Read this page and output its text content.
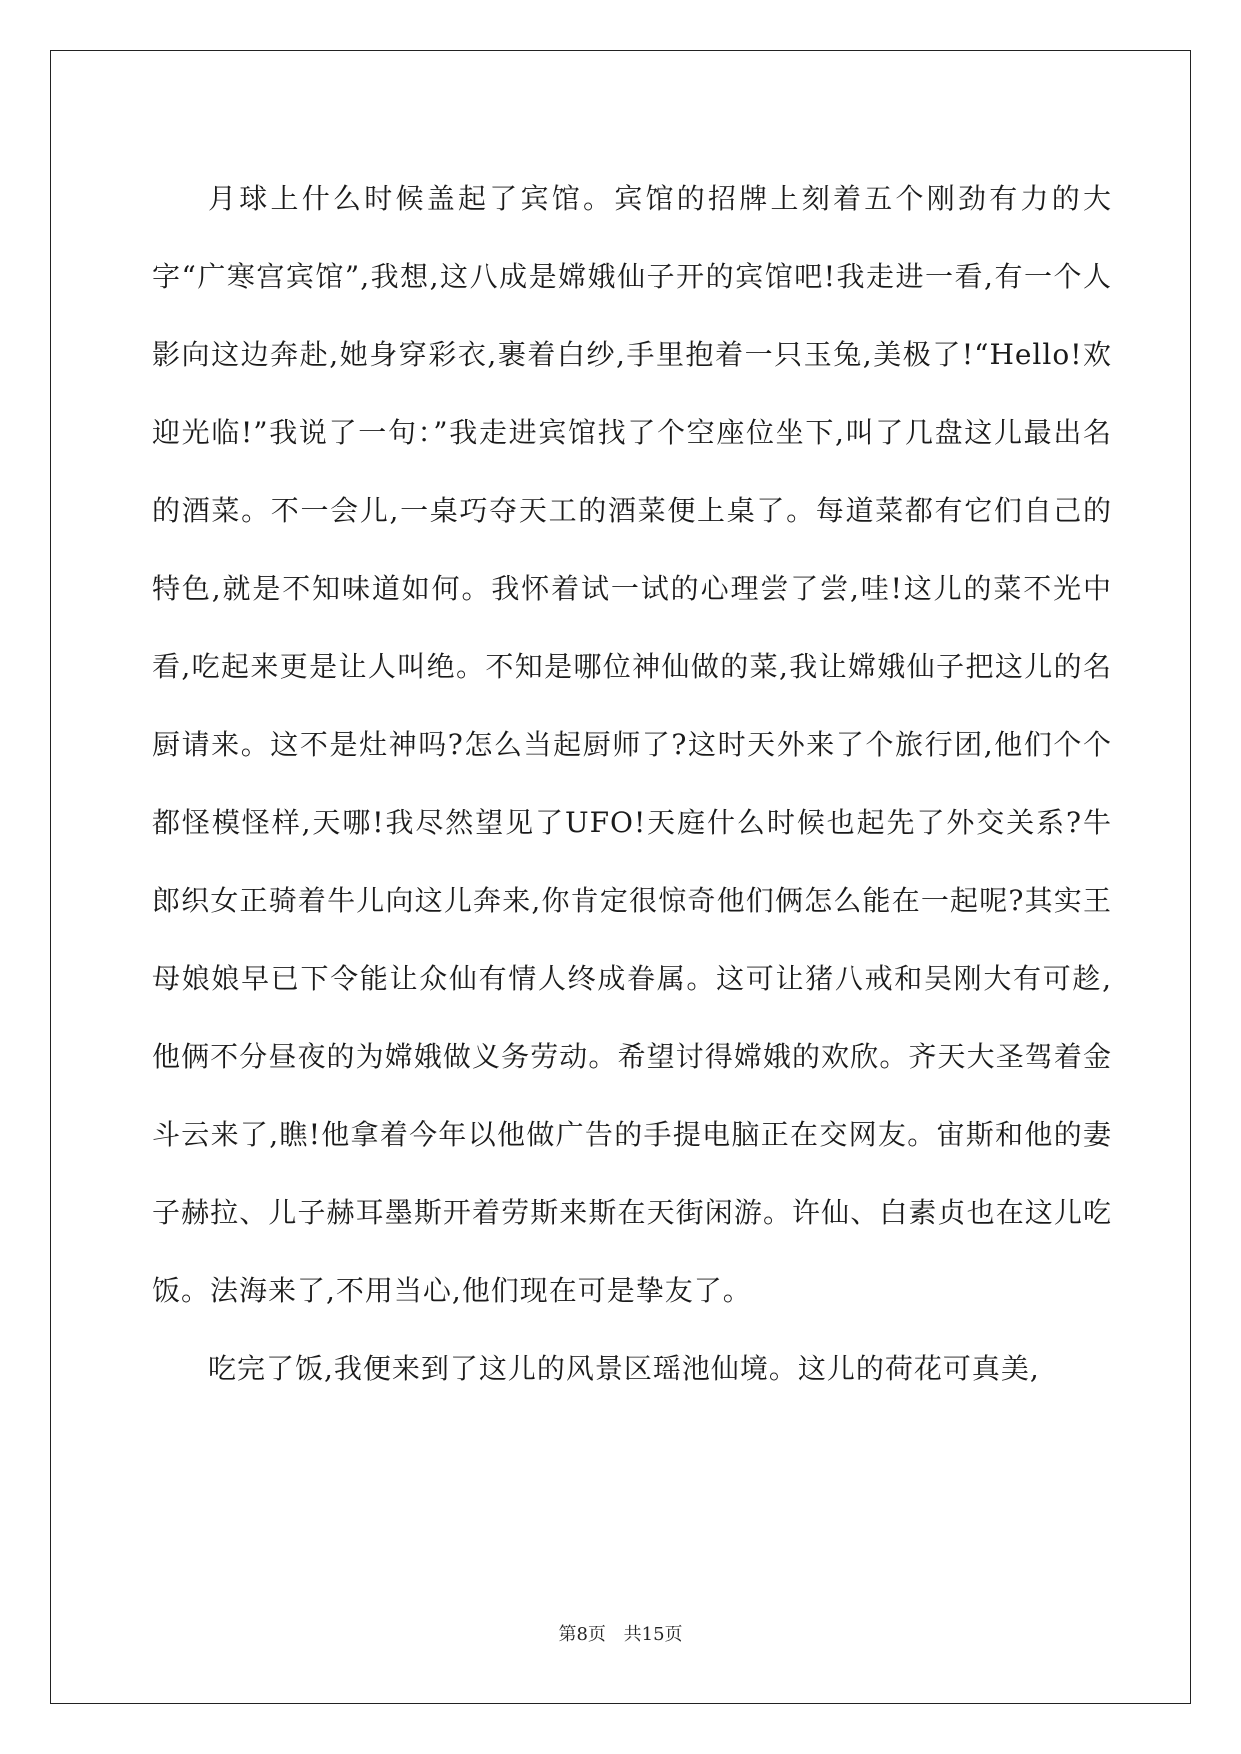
月球上什么时候盖起了宾馆。宾馆的招牌上刻着五个刚劲有力的大字“广寒宫宾馆”,我想,这八成是嫦娥仙子开的宾馆吧!我走进一看,有一个人影向这边奔赴,她身穿彩衣,裹着白纱,手里抱着一只玉兔,美极了!“Hello!欢迎光临!”我说了一句：”我走进宾馆找了个空座位坐下,叫了几盘这儿最出名的酒菜。不一会儿,一桌巧夺天工的酒菜便上桌了。每道菜都有它们自己的特色,就是不知味道如何。我怀着试一试的心理尝了尝,哇!这儿的菜不光中看,吃起来更是让人叫绝。不知是哪位神仙做的菜,我让嫦娥仙子把这儿的名厨请来。这不是灶神吗?怎么当起厨师了?这时天外来了个旅行团,他们个个都怪模怪样,天哪!我尽然望见了UFO!天庭什么时候也起先了外交关系?牛郎织女正骑着牛儿向这儿奔来,你肯定很惊奇他们俩怎么能在一起呢?其实王母娘娘早已下令能让众仙有情人终成眷属。这可让猪八戒和吴刚大有可趁,他俩不分昼夜的为嫦娥做义务劳动。希望讨得嫦娥的欢欣。齐天大圣驾着金斗云来了,瞧!他拿着今年以他做广告的手提电脑正在交网友。宙斯和他的妻子赫拉、儿子赫耳墨斯开着劳斯来斯在天街闲游。许仙、白素贞也在这儿吃饭。法海来了,不用当心,他们现在可是挚友了。

吃完了饭,我便来到了这儿的风景区瑶池仙境。这儿的荷花可真美,

第8页 共15页
